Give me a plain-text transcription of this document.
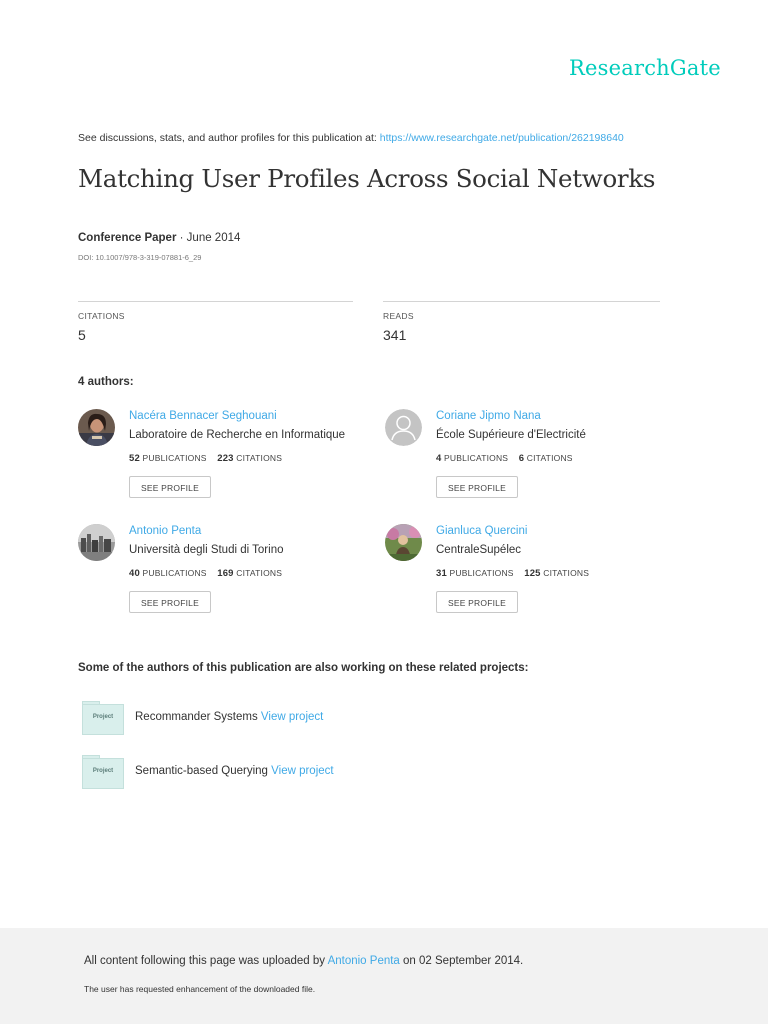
ResearchGate
See discussions, stats, and author profiles for this publication at: https://www.researchgate.net/publication/262198640
Matching User Profiles Across Social Networks
Conference Paper · June 2014
DOI: 10.1007/978-3-319-07881-6_29
CITATIONS
5
READS
341
4 authors:
Nacéra Bennacer Seghouani
Laboratoire de Recherche en Informatique
52 PUBLICATIONS 223 CITATIONS
SEE PROFILE
Coriane Jipmo Nana
École Supérieure d'Electricité
4 PUBLICATIONS 6 CITATIONS
SEE PROFILE
Antonio Penta
Università degli Studi di Torino
40 PUBLICATIONS 169 CITATIONS
SEE PROFILE
Gianluca Quercini
CentraleSupélec
31 PUBLICATIONS 125 CITATIONS
SEE PROFILE
Some of the authors of this publication are also working on these related projects:
Project	Recommander Systems View project
Project	Semantic-based Querying View project
All content following this page was uploaded by Antonio Penta on 02 September 2014.
The user has requested enhancement of the downloaded file.
